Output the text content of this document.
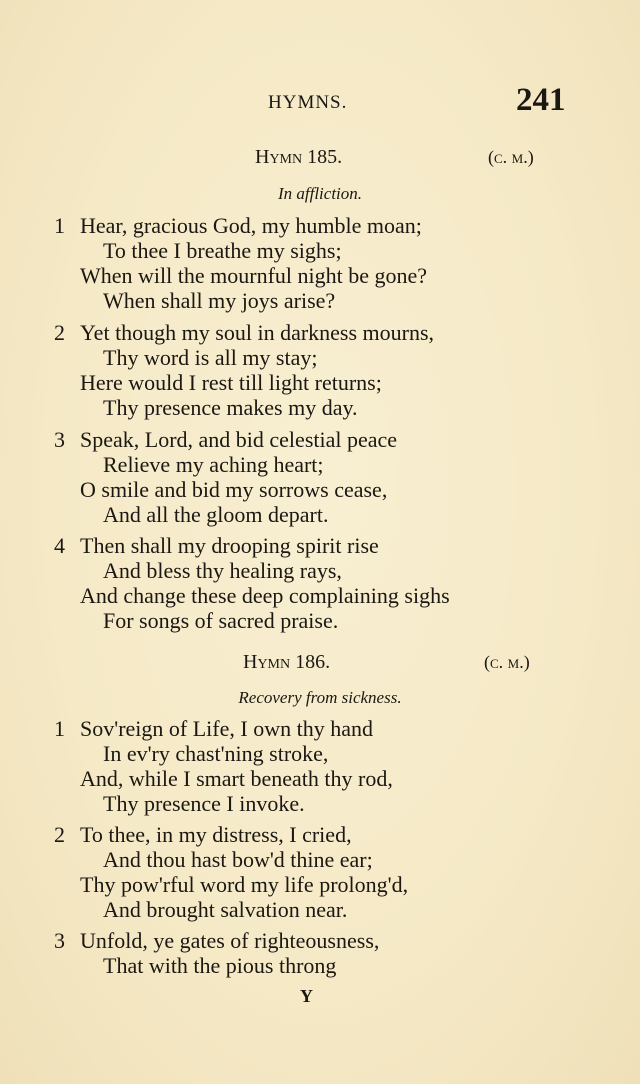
HYMNS.	241
Hymn 185.	(c. m.)
In affliction.
1 Hear, gracious God, my humble moan;
To thee I breathe my sighs;
When will the mournful night be gone?
When shall my joys arise?
2 Yet though my soul in darkness mourns,
Thy word is all my stay;
Here would I rest till light returns;
Thy presence makes my day.
3 Speak, Lord, and bid celestial peace
Relieve my aching heart;
O smile and bid my sorrows cease,
And all the gloom depart.
4 Then shall my drooping spirit rise
And bless thy healing rays,
And change these deep complaining sighs
For songs of sacred praise.
Hymn 186.	(c. m.)
Recovery from sickness.
1 Sov'reign of Life, I own thy hand
In ev'ry chast'ning stroke,
And, while I smart beneath thy rod,
Thy presence I invoke.
2 To thee, in my distress, I cried,
And thou hast bow'd thine ear;
Thy pow'rful word my life prolong'd,
And brought salvation near.
3 Unfold, ye gates of righteousness,
That with the pious throng
Y
